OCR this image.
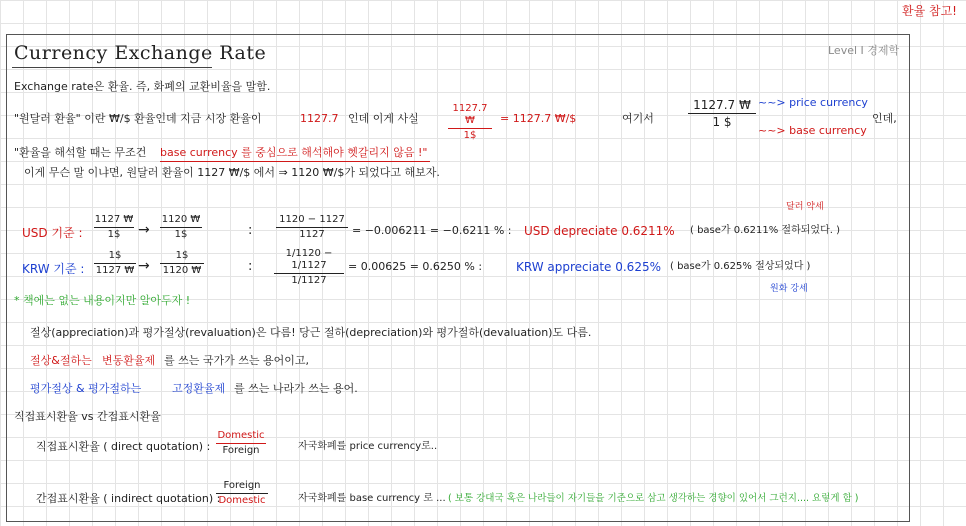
환율 참고!
Currency Exchange Rate	Level Ⅰ 경제학
Exchange rate은 환율. 즉, 화폐의 교환비율을 말함.
"원달러 환율" 이란 ₩/$ 환율인데 지금 시장 환율이	1127.7 인데 이게 사실
1127.7 ₩
1$
= 1127.7 ₩/$	여기서
1127.7 ₩
1 $
~~> price currency
~~> base currency
인데,
"환율을 해석할 때는 무조건 base currency 를 중심으로 해석해야 헷갈리지 않음 !"
이게 무슨 말 이냐면, 원달러 환율이 1127 ₩/$ 에서 ⇒ 1120 ₩/$가 되었다고 해보자.
USD 기준 :
1127 ₩
1$	→
1120 ₩
1$	:
1120 − 1127
1127	= −0.006211 = −0.6211 % : USD depreciate 0.6211% ( base가 0.6211% 절하되었다. )
달러 약세
KRW 기준 :
1$
1127 ₩ →
1$
1120 ₩	:
1/1120 − 1/1127
1/1127
= 0.00625 = 0.6250 % :	KRW appreciate 0.625% ( base가 0.625% 절상되었다 )
원화 강세
* 책에는 없는 내용이지만 알아두자 !
절상(appreciation)과 평가절상(revaluation)은 다름! 당근 절하(depreciation)와 평가절하(devaluation)도 다름.
절상&절하는 변동환율제 를 쓰는 국가가 쓰는 용어이고,
평가절상 & 평가절하는	고정환율제 를 쓰는 나라가 쓰는 용어.
직접표시환율 vs 간접표시환율
직접표시환율 ( direct quotation) :
Domestic
Foreign	자국화폐를 price currency로..
간접표시환율 ( indirect quotation) :
Foreign
Domestic	자국화폐를 base currency 로 ... ( 보통 강대국 혹은 나라들이 자기들을 기준으로 삼고 생각하는 경향이 있어서 그런지.... 요렇게 함 )
